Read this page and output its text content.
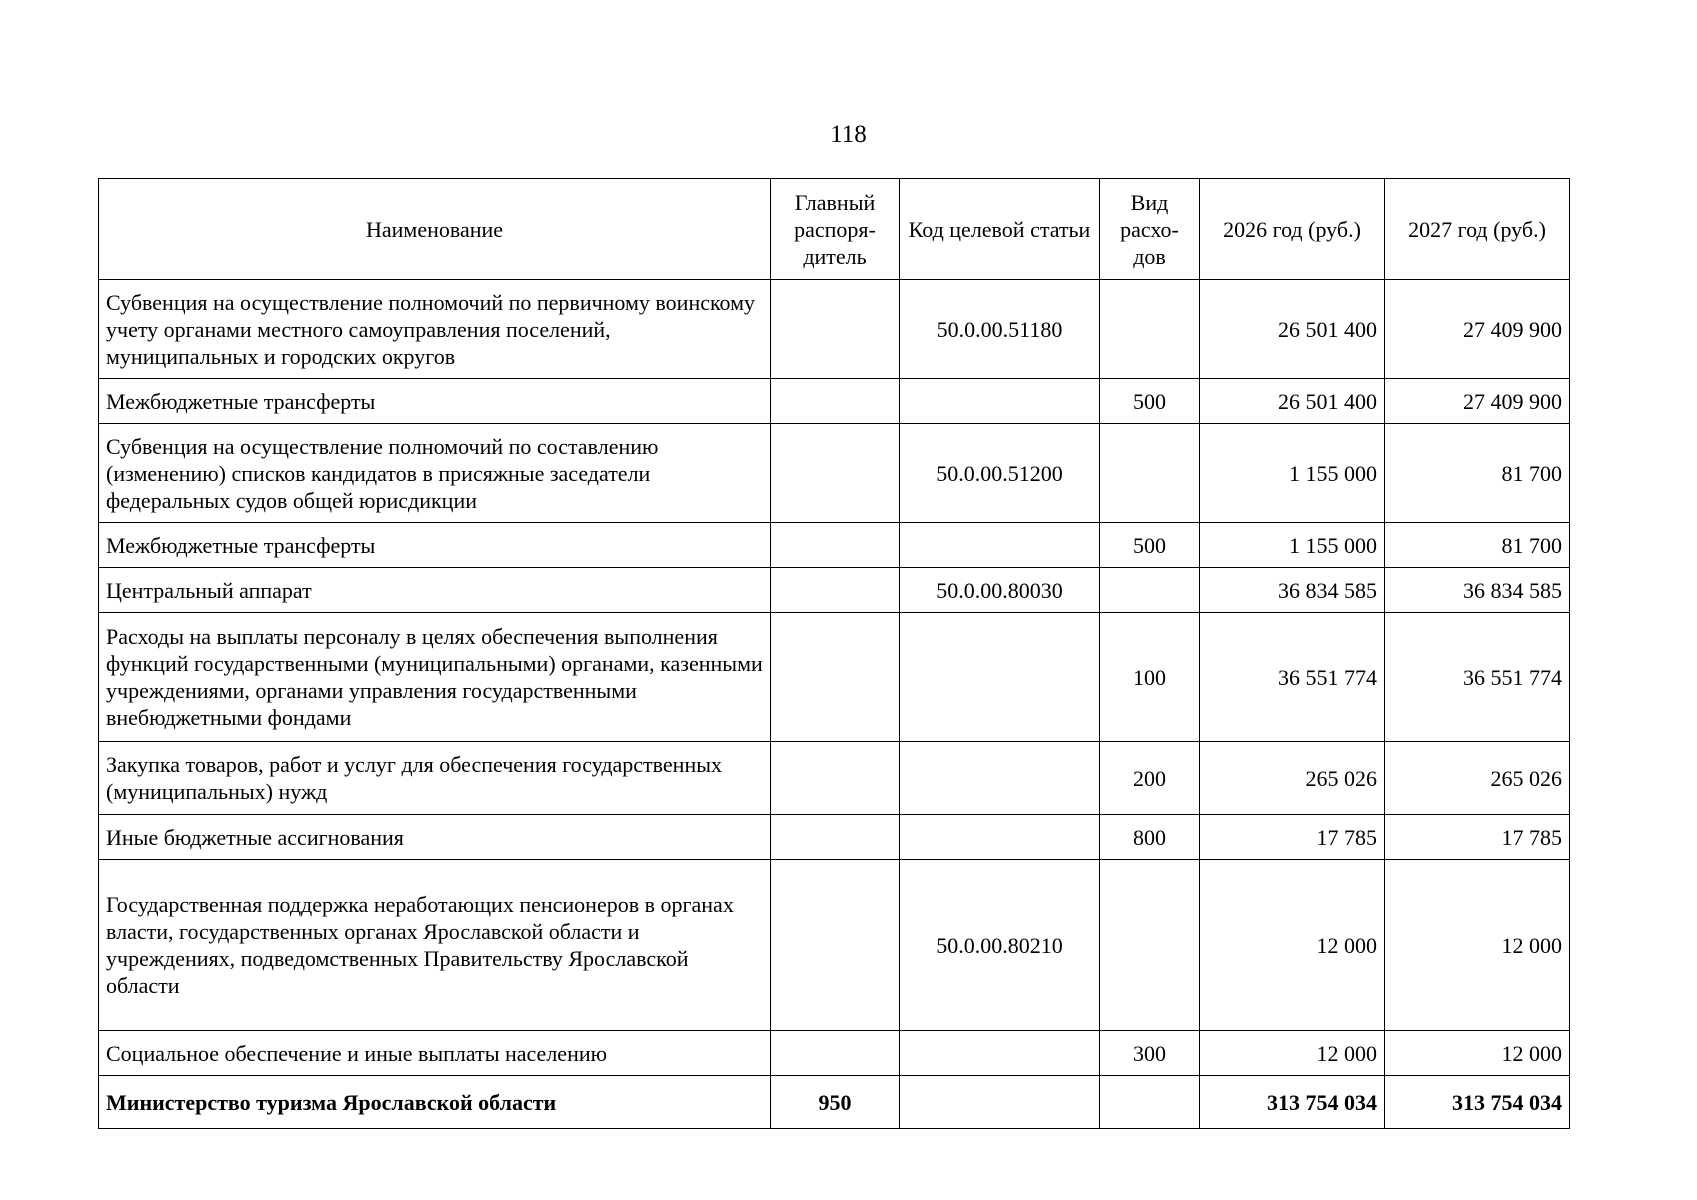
118
Наименование	Главный распоря-дитель	Код целевой статьи	Вид расхо-дов	2026 год (руб.)	2027 год (руб.)
Субвенция на осуществление полномочий по первичному воинскому учету органами местного самоуправления поселений, муниципальных и городских округов		50.0.00.51180		26 501 400	27 409 900
Межбюджетные трансферты			500	26 501 400	27 409 900
Субвенция на осуществление полномочий по составлению (изменению) списков кандидатов в присяжные заседатели федеральных судов общей юрисдикции		50.0.00.51200		1 155 000	81 700
Межбюджетные трансферты			500	1 155 000	81 700
Центральный аппарат		50.0.00.80030		36 834 585	36 834 585
Расходы на выплаты персоналу в целях обеспечения выполнения функций государственными (муниципальными) органами, казенными учреждениями, органами управления государственными внебюджетными фондами			100	36 551 774	36 551 774
Закупка товаров, работ и услуг для обеспечения государственных (муниципальных) нужд			200	265 026	265 026
Иные бюджетные ассигнования			800	17 785	17 785
Государственная поддержка неработающих пенсионеров в органах власти, государственных органах Ярославской области и учреждениях, подведомственных Правительству Ярославской области		50.0.00.80210		12 000	12 000
Социальное обеспечение и иные выплаты населению			300	12 000	12 000
Министерство туризма Ярославской области	950			313 754 034	313 754 034
